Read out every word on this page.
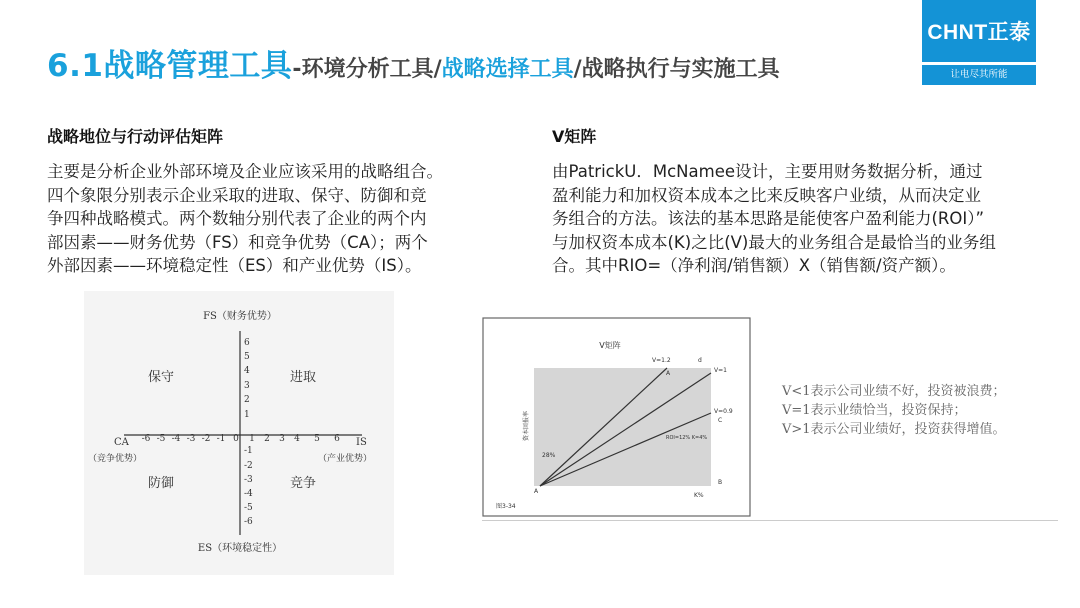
6.1战略管理工具-环境分析工具/战略选择工具/战略执行与实施工具
CHNT正泰
让电尽其所能
战略地位与行动评估矩阵
主要是分析企业外部环境及企业应该采用的战略组合。
四个象限分别表示企业采取的进取、保守、防御和竞
争四种战略模式。两个数轴分别代表了企业的两个内
部因素——财务优势（FS）和竞争优势（CA）；两个
外部因素——环境稳定性（ES）和产业优势（IS）。
FS（财务优势）
ES（环境稳定性）
CA
（竞争优势）
IS
（产业优势）
保守	进取
防御	竞争
-6 -5 -4 -3 -2 -1 0 1 2 3 4 5 6
6
5
4
3
2
1
-1
-2
-3
-4
-5
-6
V矩阵
由PatrickU．McNamee设计，主要用财务数据分析，通过
盈利能力和加权资本成本之比来反映客户业绩，从而决定业
务组合的方法。该法的基本思路是能使客户盈利能力(ROI）”
与加权资本成本(K)之比(V)最大的业务组合是最恰当的业务组
合。其中RIO=（净利润/销售额）X（销售额/资产额）。
V矩阵
V=1.2	d
V=1
V=0.9
C
B
A
A
28%
ROI=12% K=4%
K%
图3-34
资本回报率
V<1表示公司业绩不好，投资被浪费；
V=1表示业绩恰当，投资保持；
V>1表示公司业绩好，投资获得增值。
